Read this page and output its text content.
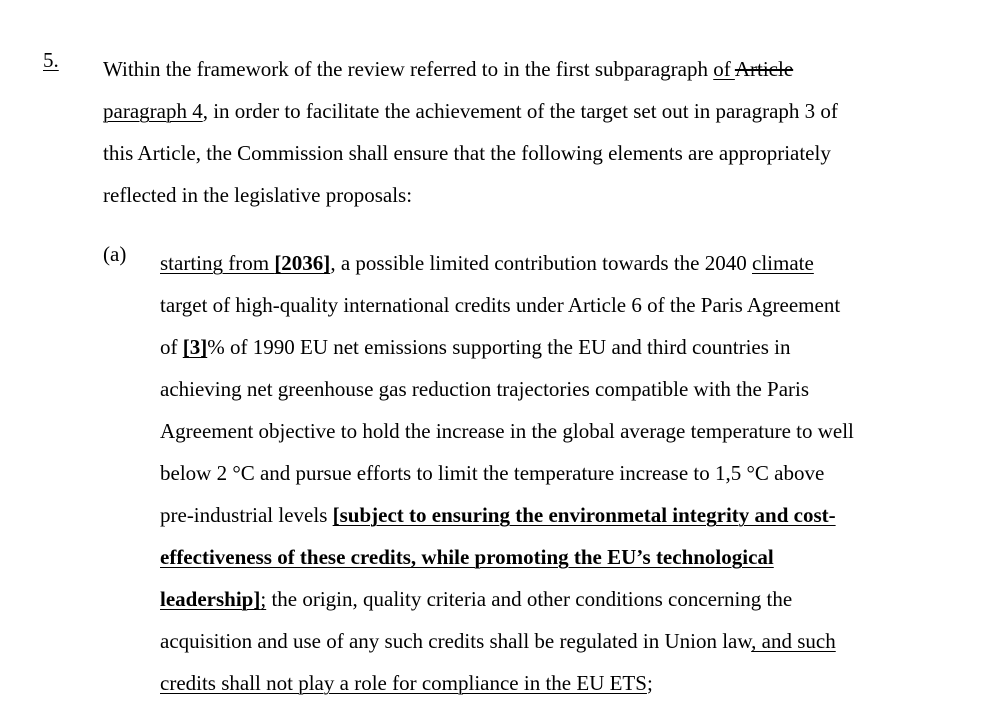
5. Within the framework of the review referred to in the first subparagraph of Article
paragraph 4, in order to facilitate the achievement of the target set out in paragraph 3 of
this Article, the Commission shall ensure that the following elements are appropriately
reflected in the legislative proposals:

(a) starting from [2036], a possible limited contribution towards the 2040 climate
target of high-quality international credits under Article 6 of the Paris Agreement
of [3]% of 1990 EU net emissions supporting the EU and third countries in
achieving net greenhouse gas reduction trajectories compatible with the Paris
Agreement objective to hold the increase in the global average temperature to well
below 2 °C and pursue efforts to limit the temperature increase to 1,5 °C above
pre-industrial levels [subject to ensuring the environmetal integrity and cost-
effectiveness of these credits, while promoting the EU’s technological
leadership]; the origin, quality criteria and other conditions concerning the
acquisition and use of any such credits shall be regulated in Union law, and such
credits shall not play a role for compliance in the EU ETS;
